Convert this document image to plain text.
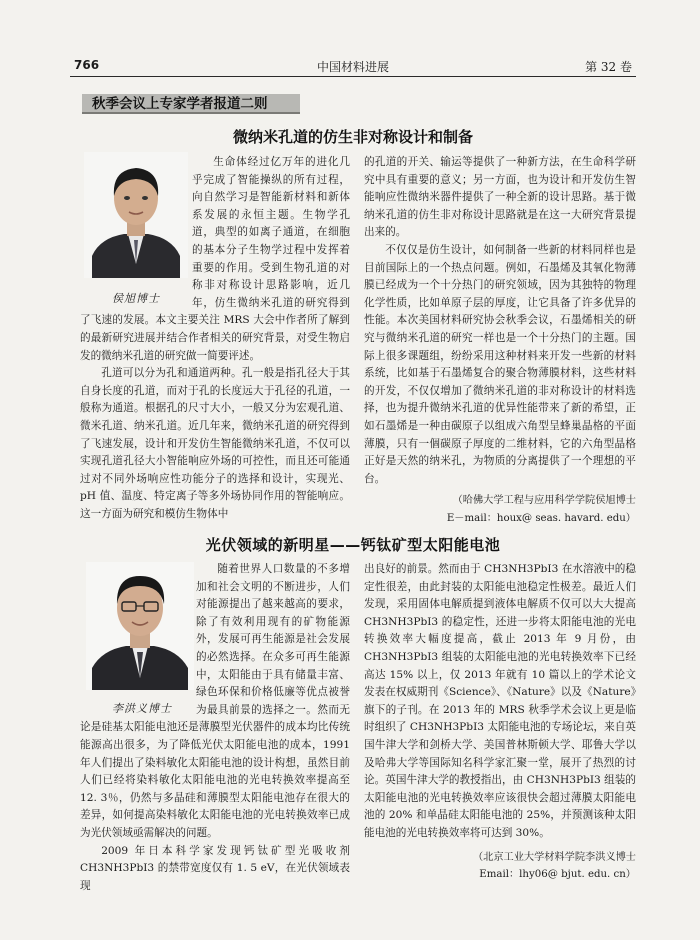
766	中国材料进展	第 32 卷
秋季会议上专家学者报道二则
微纳米孔道的仿生非对称设计和制备
侯旭博士

生命体经过亿万年的进化几乎完成了智能操纵的所有过程，向自然学习是智能新材料和新体系发展的永恒主题。生物学孔道，典型的如离子通道，在细胞的基本分子生物学过程中发挥着重要的作用。受到生物孔道的对称非对称设计思路影响，近几年，仿生微纳米孔道的研究得到了飞速的发展。本文主要关注 MRS 大会中作者所了解到的最新研究进展并结合作者相关的研究背景，对受生物启发的微纳米孔道的研究做一简要评述。

孔道可以分为孔和通道两种。孔一般是指孔径大于其自身长度的孔道，而对于孔的长度远大于孔径的孔道，一般称为通道。根据孔的尺寸大小，一般又分为宏观孔道、微米孔道、纳米孔道。近几年来，微纳米孔道的研究得到了飞速发展，设计和开发仿生智能微纳米孔道，不仅可以实现孔道孔径大小智能响应外场的可控性，而且还可能通过对不同外场响应性功能分子的选择和设计，实现光、pH 值、温度、特定离子等多外场协同作用的智能响应。这一方面为研究和模仿生物体中

的孔道的开关、输运等提供了一种新方法，在生命科学研究中具有重要的意义；另一方面，也为设计和开发仿生智能响应性微纳米器件提供了一种全新的设计思路。基于微纳米孔道的仿生非对称设计思路就是在这一大研究背景提出来的。

不仅仅是仿生设计，如何制备一些新的材料同样也是目前国际上的一个热点问题。例如，石墨烯及其氧化物薄膜已经成为一个十分热门的研究领域，因为其独特的物理化学性质，比如单原子层的厚度，让它具备了许多优异的性能。本次美国材料研究协会秋季会议，石墨烯相关的研究与微纳米孔道的研究一样也是一个十分热门的主题。国际上很多课题组，纷纷采用这种材料来开发一些新的材料系统，比如基于石墨烯复合的聚合物薄膜材料，这些材料的开发，不仅仅增加了微纳米孔道的非对称设计的材料选择，也为提升微纳米孔道的优异性能带来了新的希望，正如石墨烯是一种由碳原子以组成六角型呈蜂巢晶格的平面薄膜，只有一個碳原子厚度的二维材料，它的六角型晶格正好是天然的纳米孔，为物质的分离提供了一个理想的平台。

（哈佛大学工程与应用科学学院侯旭博士
E－mail：houx@ seas. havard. edu）
光伏领域的新明星——钙钛矿型太阳能电池
李洪义博士

随着世界人口数量的不多增加和社会文明的不断进步，人们对能源提出了越来越高的要求，除了有效利用现有的矿物能源外，发展可再生能源是社会发展的必然选择。在众多可再生能源中，太阳能由于具有储量丰富、绿色环保和价格低廉等优点被誉为最具前景的选择之一。然而无论是硅基太阳能电池还是薄膜型光伏器件的成本均比传统能源高出很多，为了降低光伏太阳能电池的成本，1991 年人们提出了染料敏化太阳能电池的设计构想，虽然目前人们已经将染料敏化太阳能电池的光电转换效率提高至 12. 3％，仍然与多晶硅和薄膜型太阳能电池存在很大的差异，如何提高染料敏化太阳能电池的光电转换效率已成为光伏领域亟需解决的问题。

2009 年日本科学家发现钙钛矿型光吸收剂 CH3NH3PbI3 的禁带宽度仅有 1. 5 eV，在光伏领域表现

出良好的前景。然而由于 CH3NH3PbI3 在水溶液中的稳定性很差，由此封装的太阳能电池稳定性极差。最近人们发现，采用固体电解质提到液体电解质不仅可以大大提高 CH3NH3PbI3 的稳定性，还进一步将太阳能电池的光电转换效率大幅度提高，截止 2013 年 9 月份，由 CH3NH3PbI3 组装的太阳能电池的光电转换效率下已经高达 15% 以上，仅 2013 年就有 10 篇以上的学术论文发表在权威期刊《Science》、《Nature》以及《Nature》旗下的子刊。在 2013 年的 MRS 秋季学术会议上更是临时组织了 CH3NH3PbI3 太阳能电池的专场论坛，来自英国牛津大学和剑桥大学、美国普林斯顿大学、耶鲁大学以及哈弗大学等国际知名科学家汇聚一堂，展开了热烈的讨论。英国牛津大学的教授指出，由 CH3NH3PbI3 组装的太阳能电池的光电转换效率应该很快会超过薄膜太阳能电池的 20% 和单晶硅太阳能电池的 25%，并预测该种太阳能电池的光电转换效率将可达到 30%。

（北京工业大学材料学院李洪义博士
Email：lhy06@ bjut. edu. cn）
